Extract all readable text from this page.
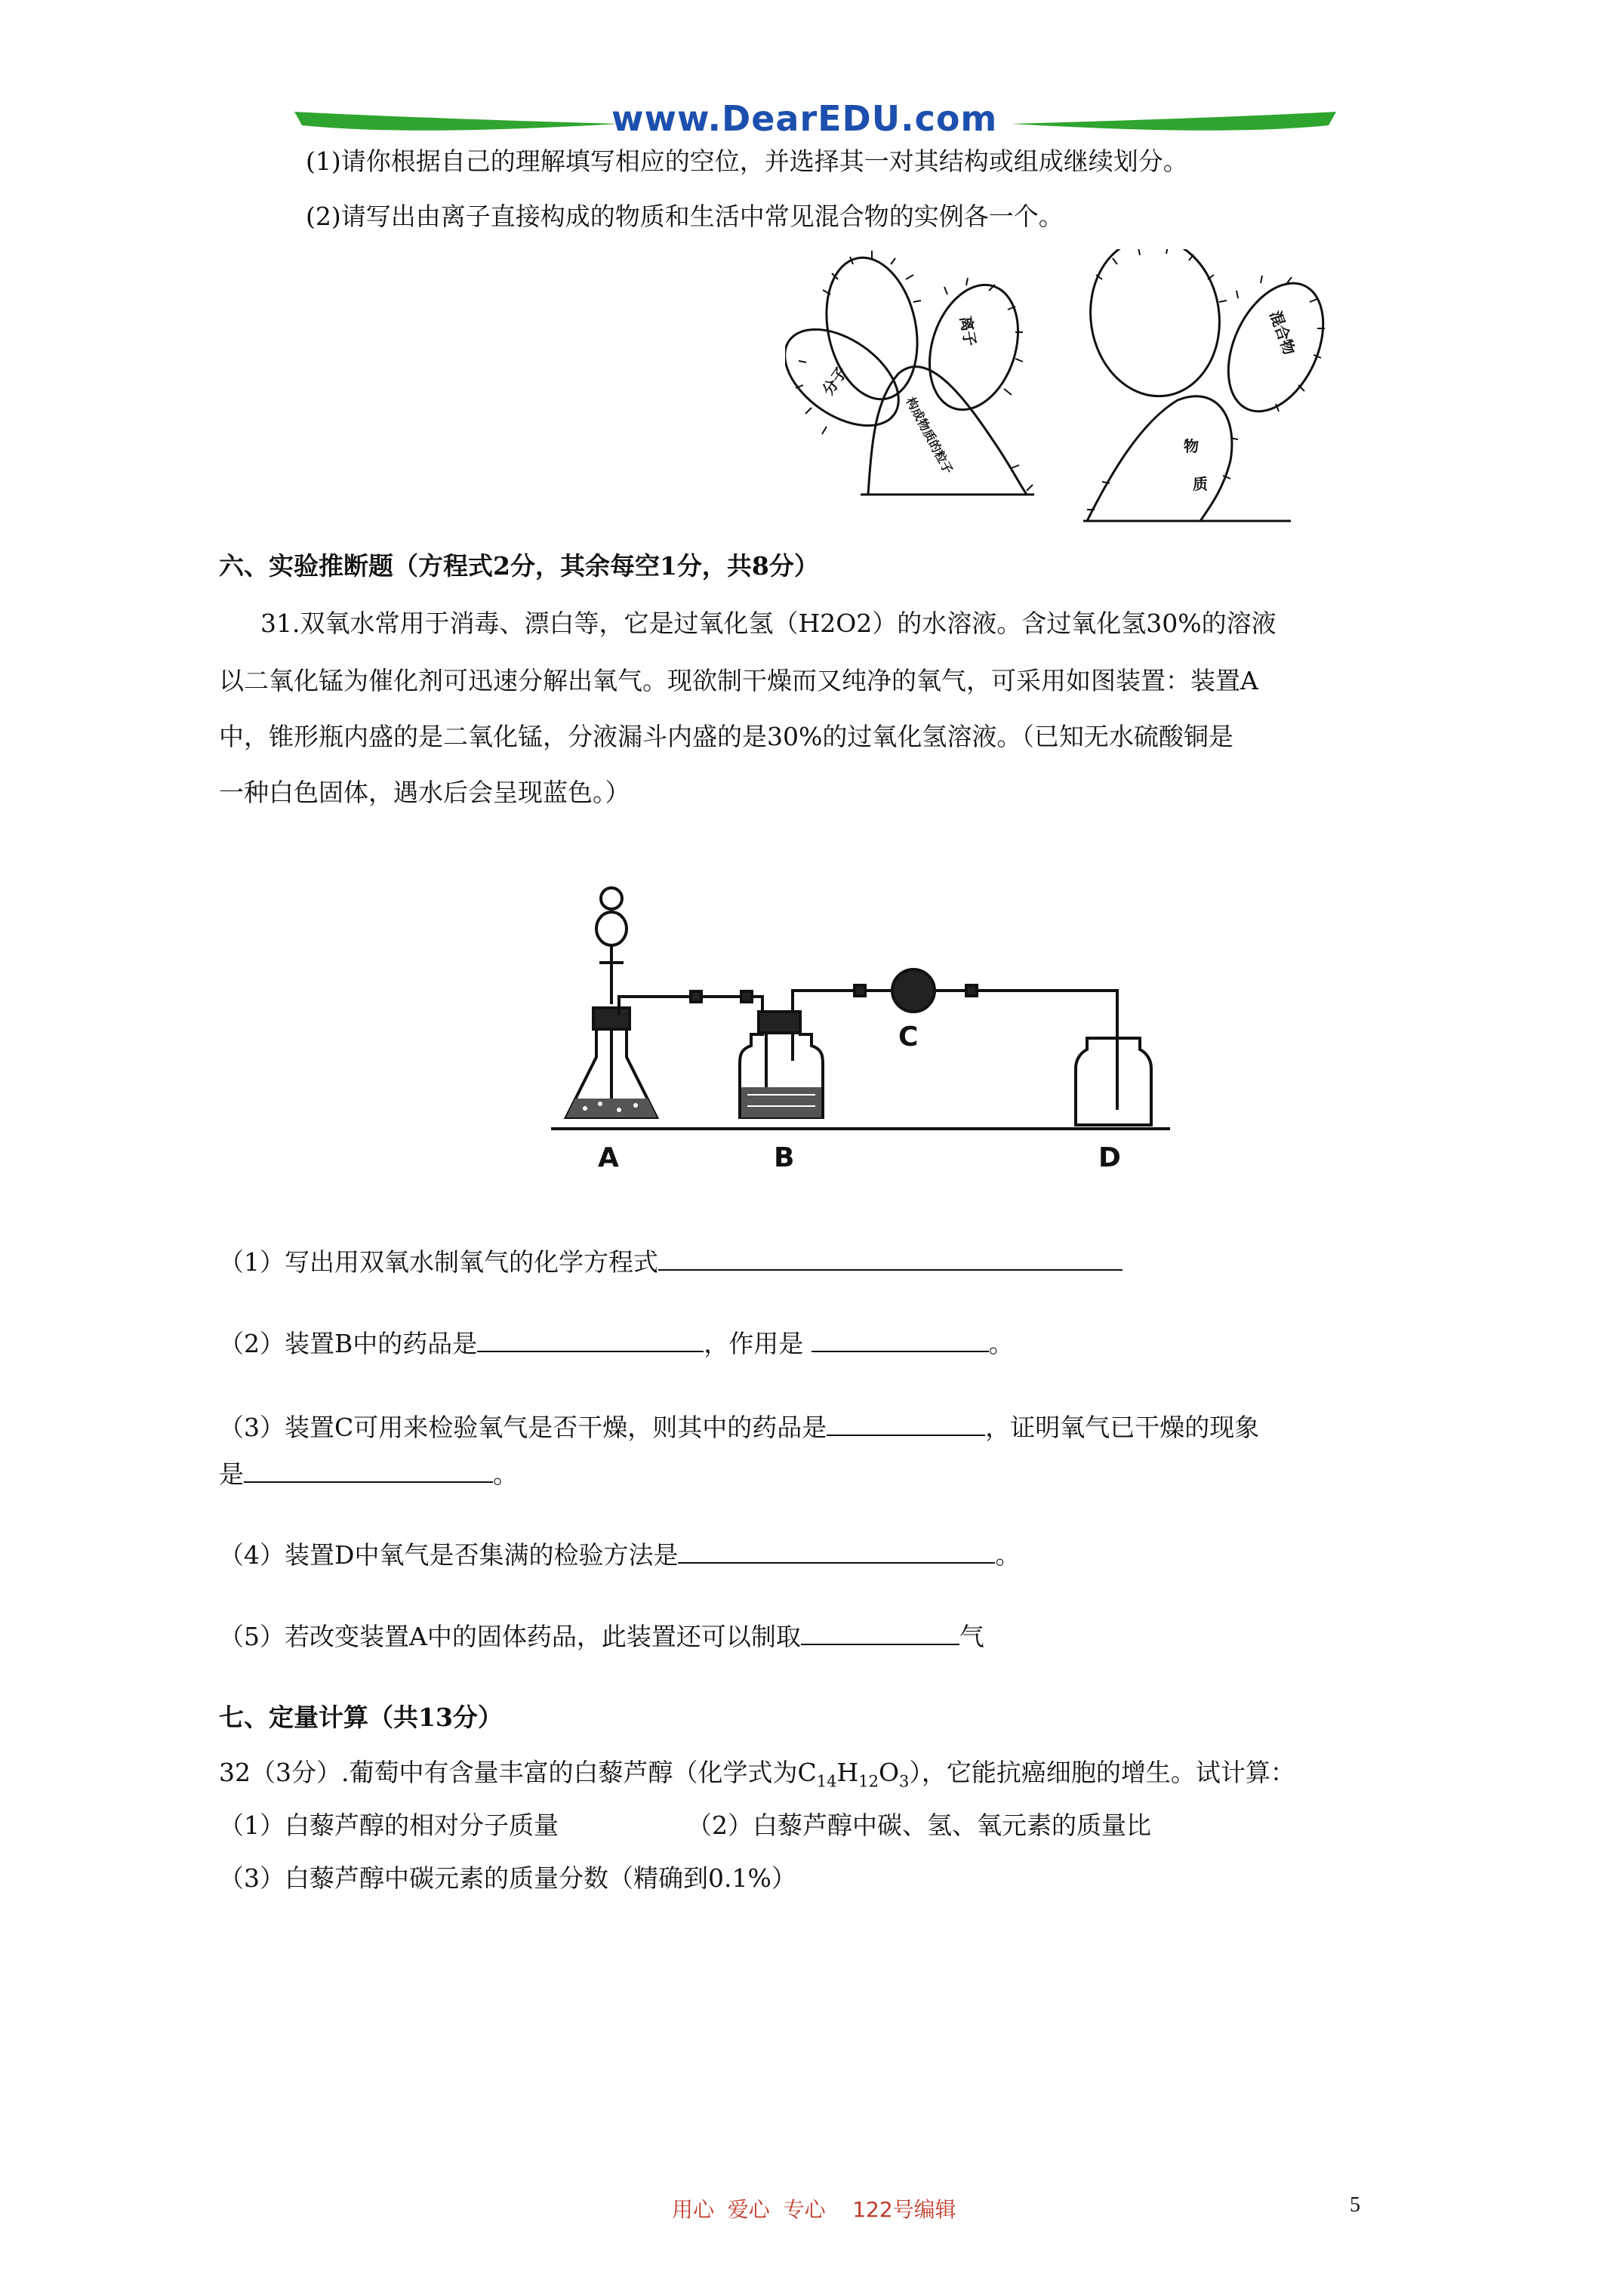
www.DearEDU.com
(1)请你根据自己的理解填写相应的空位，并选择其一对其结构或组成继续划分。
(2)请写出由离子直接构成的物质和生活中常见混合物的实例各一个。
分子
离子
构成物质的粒子
混合物
物
质
六、实验推断题（方程式2分，其余每空1分，共8分）
31.双氧水常用于消毒、漂白等，它是过氧化氢（H2O2）的水溶液。含过氧化氢30%的溶液
以二氧化锰为催化剂可迅速分解出氧气。现欲制干燥而又纯净的氧气，可采用如图装置：装置A
中，锥形瓶内盛的是二氧化锰，分液漏斗内盛的是30%的过氧化氢溶液。（已知无水硫酸铜是
一种白色固体，遇水后会呈现蓝色。）
A	B
C
D
（1）写出用双氧水制氧气的化学方程式
（2）装置B中的药品是	，作用是	。
（3）装置C可用来检验氧气是否干燥，则其中的药品是	，证明氧气已干燥的现象
是	。
（4）装置D中氧气是否集满的检验方法是	。
（5）若改变装置A中的固体药品，此装置还可以制取	气
七、定量计算（共13分）
32（3分）.葡萄中有含量丰富的白藜芦醇（化学式为$C_{14}H_{12}O_3$），它能抗癌细胞的增生。试计算：
（1）白藜芦醇的相对分子质量	（2）白藜芦醇中碳、氢、氧元素的质量比
（3）白藜芦醇中碳元素的质量分数（精确到0.1%）
用心  爱心  专心    122号编辑	5
